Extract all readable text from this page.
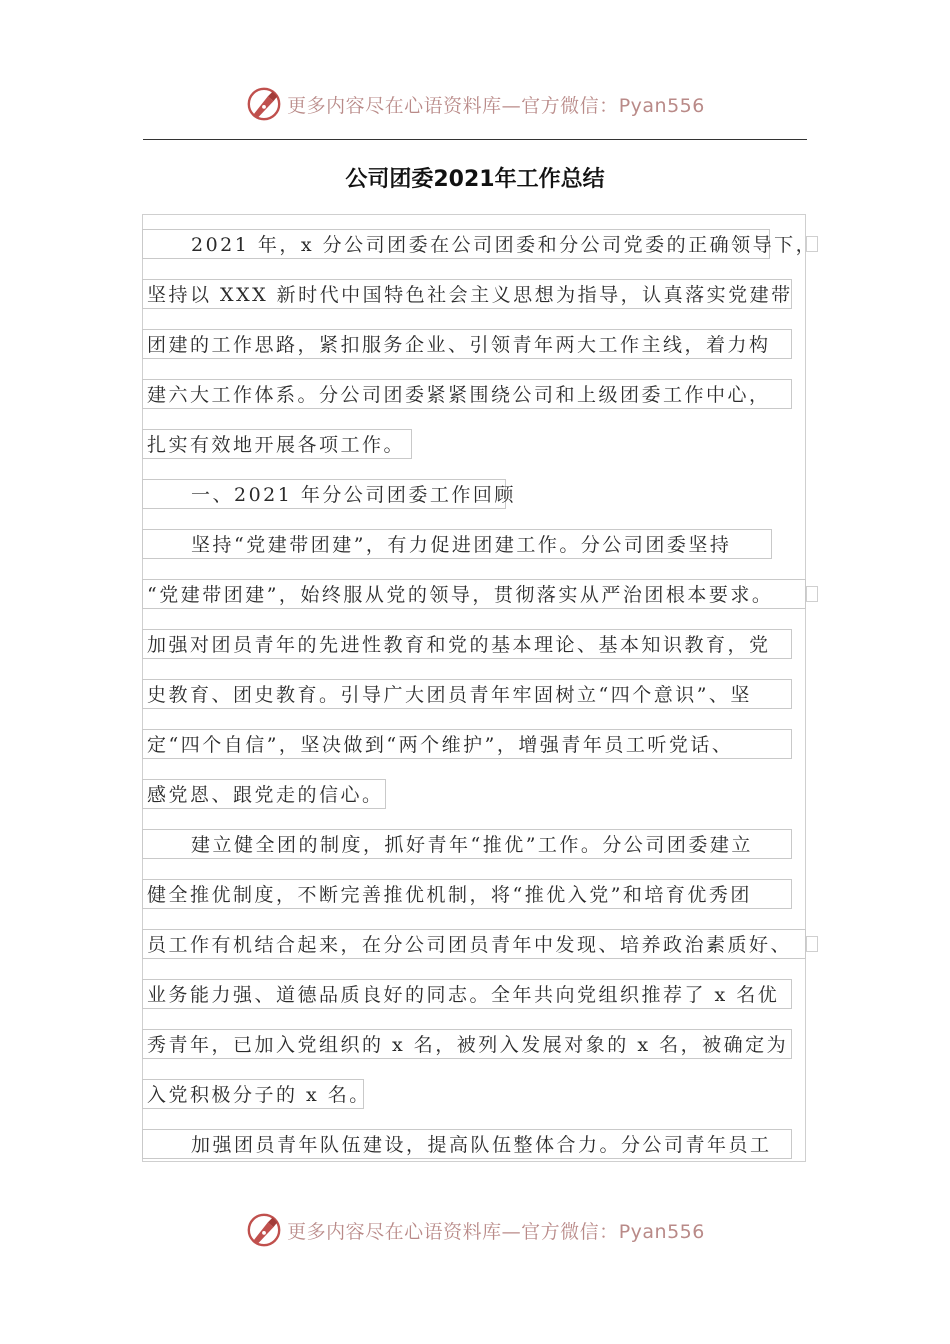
更多内容尽在心语资料库—官方微信：Pyan556
公司团委2021年工作总结
2021 年，x 分公司团委在公司团委和分公司党委的正确领导下，
坚持以 XXX 新时代中国特色社会主义思想为指导，认真落实党建带
团建的工作思路，紧扣服务企业、引领青年两大工作主线，着力构
建六大工作体系。分公司团委紧紧围绕公司和上级团委工作中心，
扎实有效地开展各项工作。
一、2021 年分公司团委工作回顾
坚持“党建带团建”，有力促进团建工作。分公司团委坚持
“党建带团建”，始终服从党的领导，贯彻落实从严治团根本要求。
加强对团员青年的先进性教育和党的基本理论、基本知识教育，党
史教育、团史教育。引导广大团员青年牢固树立“四个意识”、坚
定“四个自信”，坚决做到“两个维护”，增强青年员工听党话、
感党恩、跟党走的信心。
建立健全团的制度，抓好青年“推优”工作。分公司团委建立
健全推优制度，不断完善推优机制，将“推优入党”和培育优秀团
员工作有机结合起来，在分公司团员青年中发现、培养政治素质好、
业务能力强、道德品质良好的同志。全年共向党组织推荐了 x 名优
秀青年，已加入党组织的 x 名，被列入发展对象的 x 名，被确定为
入党积极分子的 x 名。
加强团员青年队伍建设，提高队伍整体合力。分公司青年员工
更多内容尽在心语资料库—官方微信：Pyan556
